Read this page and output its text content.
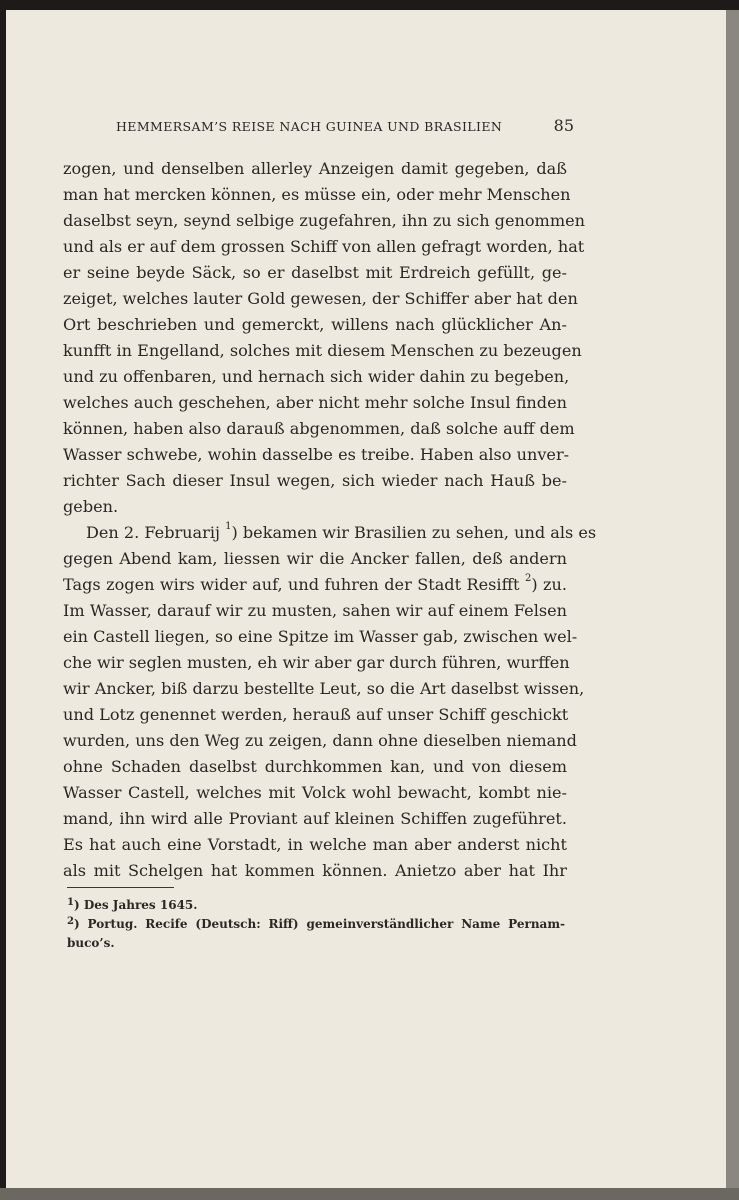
HEMMERSAM’S REISE NACH GUINEA UND BRASILIEN	85
zogen, und denselben allerley Anzeigen damit gegeben, daß
man hat mercken können, es müsse ein, oder mehr Menschen
daselbst seyn, seynd selbige zugefahren, ihn zu sich genommen
und als er auf dem grossen Schiff von allen gefragt worden, hat
er seine beyde Säck, so er daselbst mit Erdreich gefüllt, ge-
zeiget, welches lauter Gold gewesen, der Schiffer aber hat den
Ort beschrieben und gemerckt, willens nach glücklicher An-
kunfft in Engelland, solches mit diesem Menschen zu bezeugen
und zu offenbaren, und hernach sich wider dahin zu begeben,
welches auch geschehen, aber nicht mehr solche Insul finden
können, haben also darauß abgenommen, daß solche auff dem
Wasser schwebe, wohin dasselbe es treibe. Haben also unver-
richter Sach dieser Insul wegen, sich wieder nach Hauß be-
geben.
Den 2. Februarij $^1$) bekamen wir Brasilien zu sehen, und als es
gegen Abend kam, liessen wir die Ancker fallen, deß andern
Tags zogen wirs wider auf, und fuhren der Stadt Resifft $^2$) zu.
Im Wasser, darauf wir zu musten, sahen wir auf einem Felsen
ein Castell liegen, so eine Spitze im Wasser gab, zwischen wel-
che wir seglen musten, eh wir aber gar durch führen, wurffen
wir Ancker, biß darzu bestellte Leut, so die Art daselbst wissen,
und Lotz genennet werden, herauß auf unser Schiff geschickt
wurden, uns den Weg zu zeigen, dann ohne dieselben niemand
ohne Schaden daselbst durchkommen kan, und von diesem
Wasser Castell, welches mit Volck wohl bewacht, kombt nie-
mand, ihn wird alle Proviant auf kleinen Schiffen zugeführet.
Es hat auch eine Vorstadt, in welche man aber anderst nicht
als mit Schelgen hat kommen können. Anietzo aber hat Ihr
$^1$) Des Jahres 1645.
$^2$) Portug. Recife (Deutsch: Riff) gemeinverständlicher Name Pernam-
buco’s.
